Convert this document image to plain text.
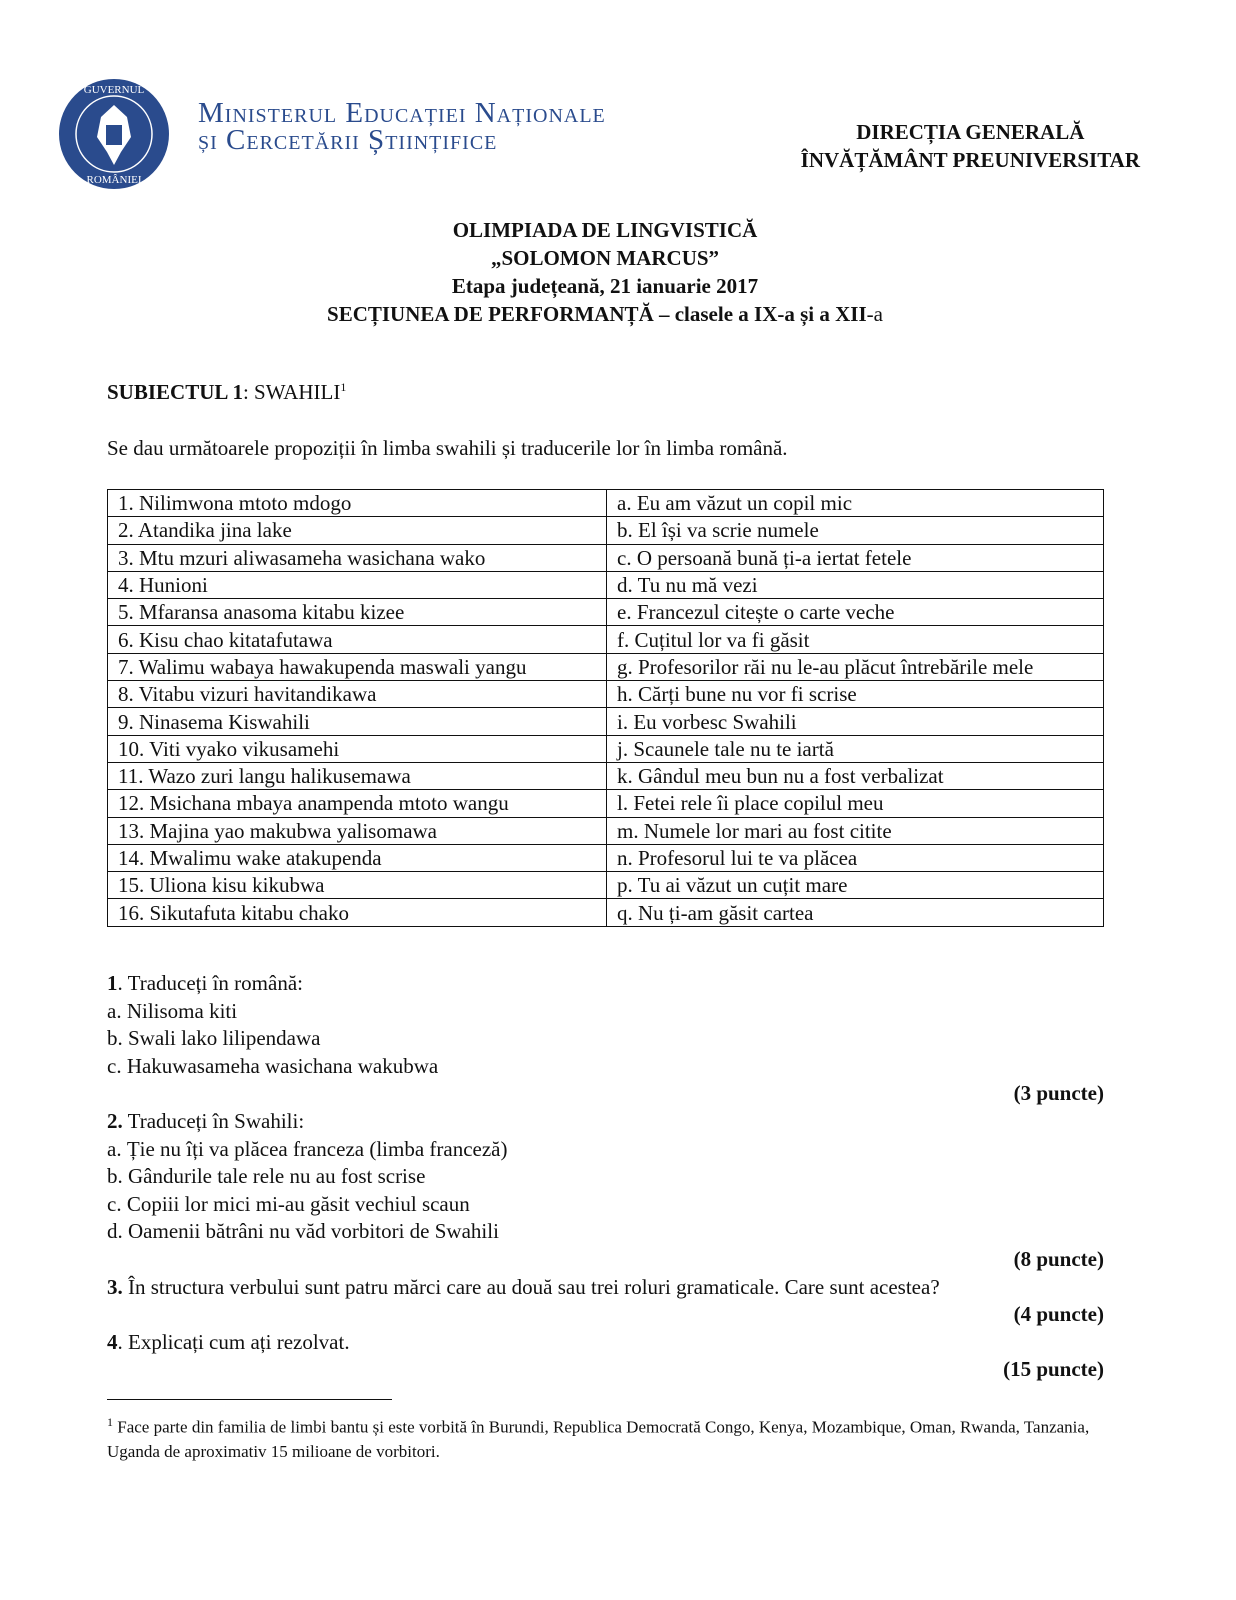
GUVERNUL
ROMÂNIEI
Ministerul Educației Naționale
și Cercetării Științifice	DIRECȚIA GENERALĂ
ÎNVĂȚĂMÂNT PREUNIVERSITAR
OLIMPIADA DE LINGVISTICĂ
„SOLOMON MARCUS”
Etapa județeană, 21 ianuarie 2017
SECȚIUNEA DE PERFORMANȚĂ – clasele a IX-a și a XII-a
SUBIECTUL 1: SWAHILI$^1$
Se dau următoarele propoziții în limba swahili și traducerile lor în limba română.
1. Nilimwona mtoto mdogo	a. Eu am văzut un copil mic
2. Atandika jina lake	b. El își va scrie numele
3. Mtu mzuri aliwasameha wasichana wako	c. O persoană bună ți-a iertat fetele
4. Hunioni	d. Tu nu mă vezi
5. Mfaransa anasoma kitabu kizee	e. Francezul citește o carte veche
6. Kisu chao kitatafutawa	f. Cuțitul lor va fi găsit
7. Walimu wabaya hawakupenda maswali yangu	g. Profesorilor răi nu le-au plăcut întrebările mele
8. Vitabu vizuri havitandikawa	h. Cărți bune nu vor fi scrise
9. Ninasema Kiswahili	i. Eu vorbesc Swahili
10. Viti vyako vikusamehi	j. Scaunele tale nu te iartă
11. Wazo zuri langu halikusemawa	k. Gândul meu bun nu a fost verbalizat
12. Msichana mbaya anampenda mtoto wangu	l. Fetei rele îi place copilul meu
13. Majina yao makubwa yalisomawa	m. Numele lor mari au fost citite
14. Mwalimu wake atakupenda	n. Profesorul lui te va plăcea
15. Uliona kisu kikubwa	p. Tu ai văzut un cuțit mare
16. Sikutafuta kitabu chako	q. Nu ți-am găsit cartea
1. Traduceți în română:
a. Nilisoma kiti
b. Swali lako lilipendawa
c. Hakuwasameha wasichana wakubwa
(3 puncte)
2. Traduceți în Swahili:
a. Ție nu îți va plăcea franceza (limba franceză)
b. Gândurile tale rele nu au fost scrise
c. Copiii lor mici mi-au găsit vechiul scaun
d. Oamenii bătrâni nu văd vorbitori de Swahili
(8 puncte)
3. În structura verbului sunt patru mărci care au două sau trei roluri gramaticale. Care sunt acestea?
(4 puncte)
4. Explicați cum ați rezolvat.
(15 puncte)
$^1$ Face parte din familia de limbi bantu și este vorbită în Burundi, Republica Democrată Congo, Kenya, Mozambique, Oman, Rwanda, Tanzania, Uganda de aproximativ 15 milioane de vorbitori.
